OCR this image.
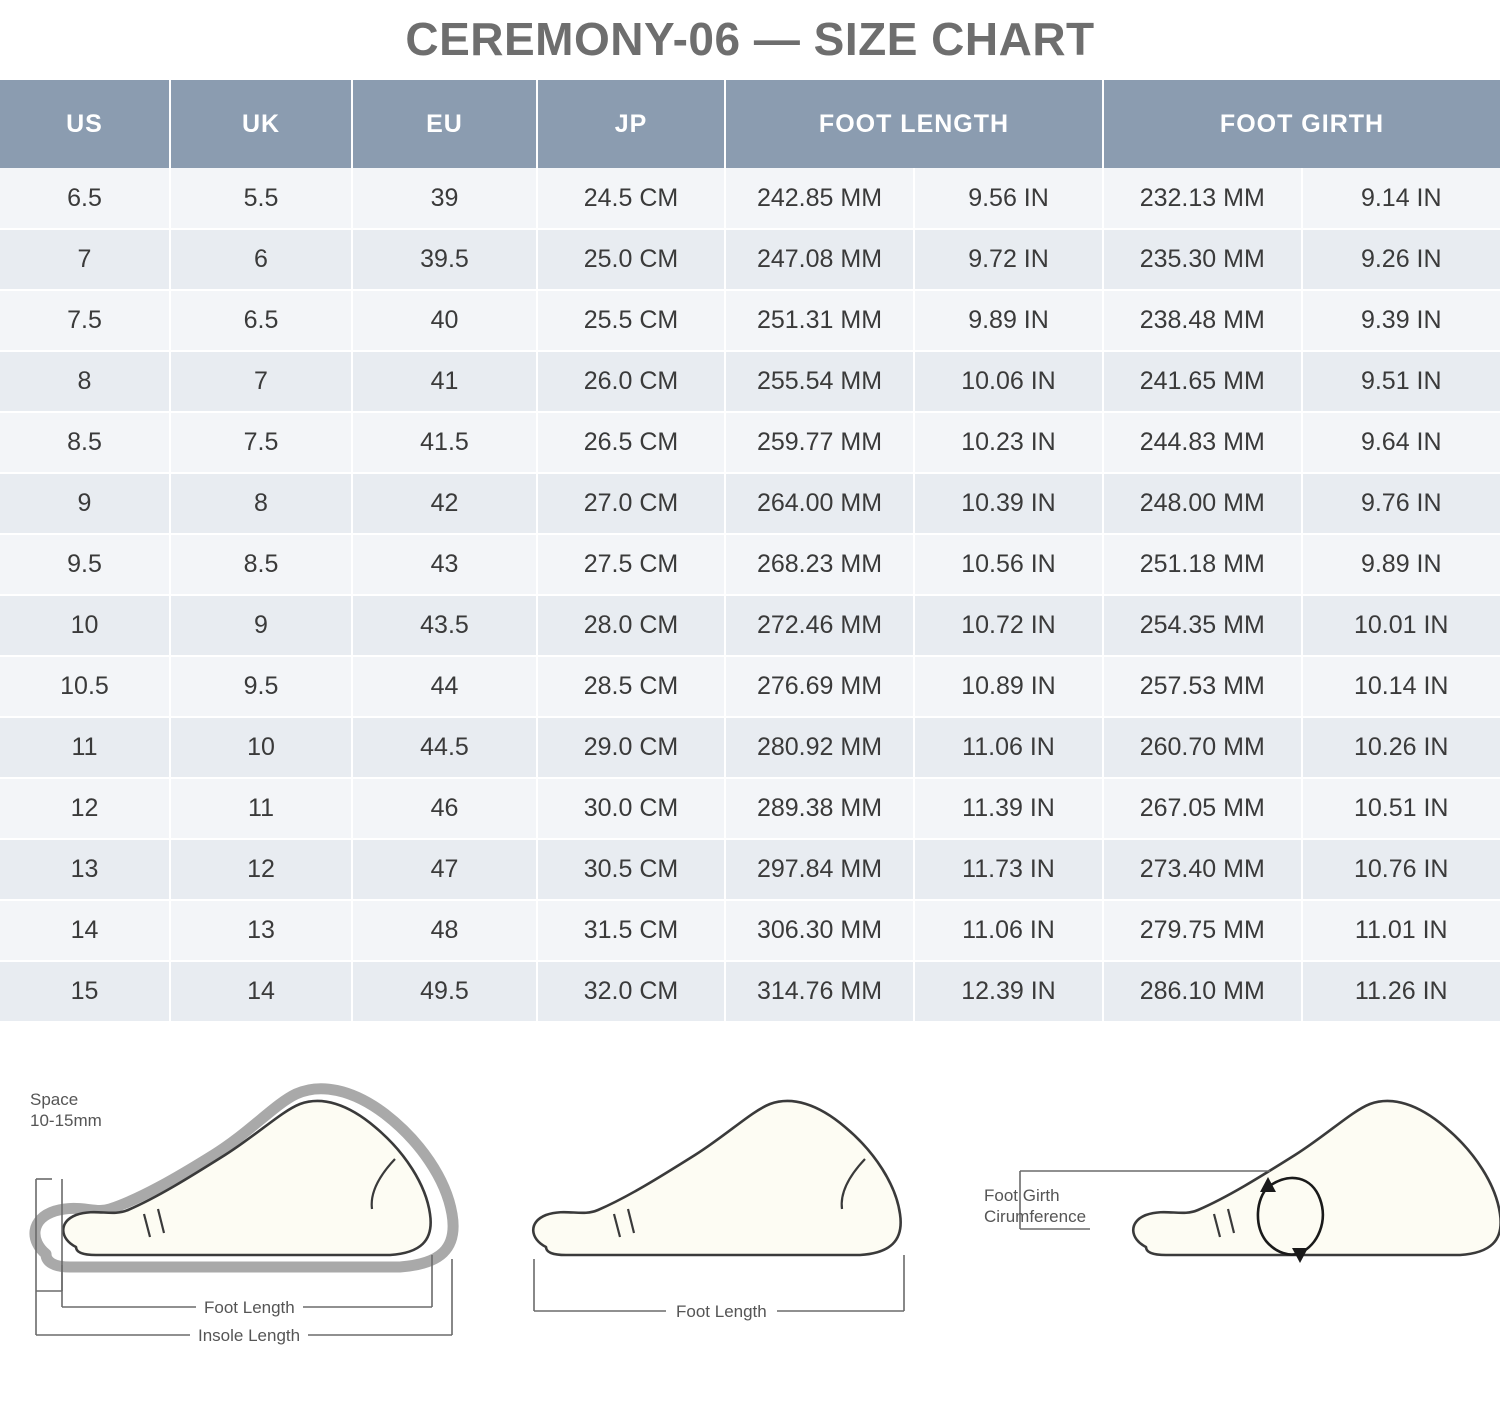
CEREMONY-06 — SIZE CHART
US	UK	EU	JP	FOOT LENGTH		FOOT GIRTH	
6.5	5.5	39	24.5 CM	242.85 MM	9.56 IN	232.13 MM	9.14 IN
7	6	39.5	25.0 CM	247.08 MM	9.72 IN	235.30 MM	9.26 IN
7.5	6.5	40	25.5 CM	251.31 MM	9.89 IN	238.48 MM	9.39 IN
8	7	41	26.0 CM	255.54 MM	10.06 IN	241.65 MM	9.51 IN
8.5	7.5	41.5	26.5 CM	259.77 MM	10.23 IN	244.83 MM	9.64 IN
9	8	42	27.0 CM	264.00 MM	10.39 IN	248.00 MM	9.76 IN
9.5	8.5	43	27.5 CM	268.23 MM	10.56 IN	251.18 MM	9.89 IN
10	9	43.5	28.0 CM	272.46 MM	10.72 IN	254.35 MM	10.01 IN
10.5	9.5	44	28.5 CM	276.69 MM	10.89 IN	257.53 MM	10.14 IN
11	10	44.5	29.0 CM	280.92 MM	11.06 IN	260.70 MM	10.26 IN
12	11	46	30.0 CM	289.38 MM	11.39 IN	267.05 MM	10.51 IN
13	12	47	30.5 CM	297.84 MM	11.73 IN	273.40 MM	10.76 IN
14	13	48	31.5 CM	306.30 MM	11.06 IN	279.75 MM	11.01 IN
15	14	49.5	32.0 CM	314.76 MM	12.39 IN	286.10 MM	11.26 IN
Space
10-15mm
Foot Length
Insole Length
Foot Length
Foot Girth
Cirumference
